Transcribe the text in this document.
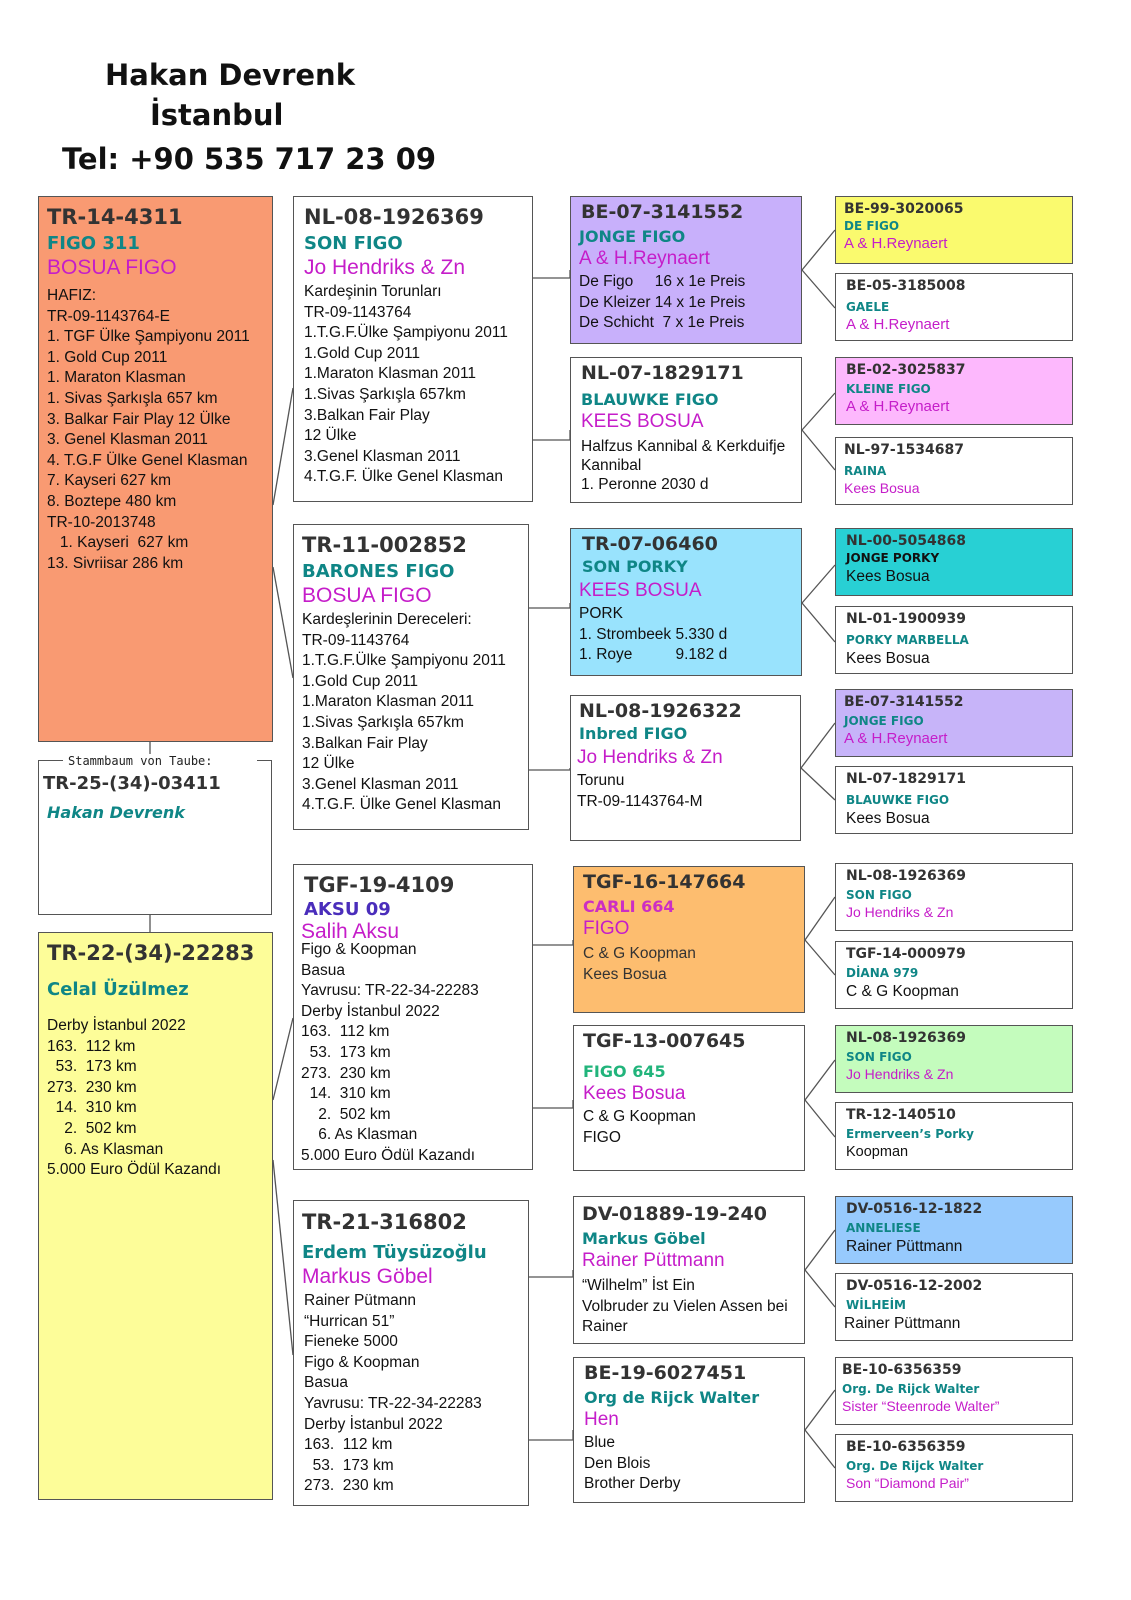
Hakan Devrenk
İstanbul
Tel: +90 535 717 23 09
TR-14-4311
FIGO 311
BOSUA FIGO
HAFIZ:
TR-09-1143764-E
1. TGF Ülke Şampiyonu 2011
1. Gold Cup 2011
1. Maraton Klasman
1. Sivas Şarkışla 657 km
3. Balkar Fair Play 12 Ülke
3. Genel Klasman 2011
4. T.G.F Ülke Genel Klasman
7. Kayseri 627 km
8. Boztepe 480 km
TR-10-2013748
1. Kayseri  627 km
13. Sivriisar 286 km
Stammbaum von Taube:
TR-25-(34)-03411
Hakan Devrenk
TR-22-(34)-22283
Celal Üzülmez
Derby İstanbul 2022
163.  112 km
53.  173 km
273.  230 km
14.  310 km
2.  502 km
6. As Klasman
5.000 Euro Ödül Kazandı
NL-08-1926369
SON FIGO
Jo Hendriks & Zn
Kardeşinin Torunları
TR-09-1143764
1.T.G.F.Ülke Şampiyonu 2011
1.Gold Cup 2011
1.Maraton Klasman 2011
1.Sivas Şarkışla 657km
3.Balkan Fair Play
12 Ülke
3.Genel Klasman 2011
4.T.G.F. Ülke Genel Klasman
TR-11-002852
BARONES FIGO
BOSUA FIGO
Kardeşlerinin Dereceleri:
TR-09-1143764
1.T.G.F.Ülke Şampiyonu 2011
1.Gold Cup 2011
1.Maraton Klasman 2011
1.Sivas Şarkışla 657km
3.Balkan Fair Play
12 Ülke
3.Genel Klasman 2011
4.T.G.F. Ülke Genel Klasman
TGF-19-4109
AKSU 09
Salih Aksu
Figo & Koopman
Basua
Yavrusu: TR-22-34-22283
Derby İstanbul 2022
163.  112 km
53.  173 km
273.  230 km
14.  310 km
2.  502 km
6. As Klasman
5.000 Euro Ödül Kazandı
TR-21-316802
Erdem Tüysüzoğlu
Markus Göbel
Rainer Pütmann
“Hurrican 51”
Fieneke 5000
Figo & Koopman
Basua
Yavrusu: TR-22-34-22283
Derby İstanbul 2022
163.  112 km
53.  173 km
273.  230 km
BE-07-3141552
JONGE FIGO
A & H.Reynaert
De Figo     16 x 1e Preis
De Kleizer 14 x 1e Preis
De Schicht  7 x 1e Preis
NL-07-1829171
BLAUWKE FIGO
KEES BOSUA
Halfzus Kannibal & Kerkduifje
Kannibal
1. Peronne 2030 d
TR-07-06460
SON PORKY
KEES BOSUA
PORK
1. Strombeek 5.330 d
1. Roye          9.182 d
NL-08-1926322
Inbred FIGO
Jo Hendriks & Zn
Torunu
TR-09-1143764-M
TGF-16-147664
CARLI 664
FIGO
C & G Koopman
Kees Bosua
TGF-13-007645
FIGO 645
Kees Bosua
C & G Koopman
FIGO
DV-01889-19-240
Markus Göbel
Rainer Püttmann
“Wilhelm” İst Ein
Volbruder zu Vielen Assen bei
Rainer
BE-19-6027451
Org de Rijck Walter
Hen
Blue
Den Blois
Brother Derby
BE-99-3020065
DE FIGO
A & H.Reynaert
BE-05-3185008
GAELE
A & H.Reynaert
BE-02-3025837
KLEINE FIGO
A & H.Reynaert
NL-97-1534687
RAINA
Kees Bosua
NL-00-5054868
JONGE PORKY
Kees Bosua
NL-01-1900939
PORKY MARBELLA
Kees Bosua
BE-07-3141552
JONGE FIGO
A & H.Reynaert
NL-07-1829171
BLAUWKE FIGO
Kees Bosua
NL-08-1926369
SON FIGO
Jo Hendriks & Zn
TGF-14-000979
DİANA 979
C & G Koopman
NL-08-1926369
SON FIGO
Jo Hendriks & Zn
TR-12-140510
Ermerveen’s Porky
Koopman
DV-0516-12-1822
ANNELIESE
Rainer Püttmann
DV-0516-12-2002
WİLHEİM
Rainer Püttmann
BE-10-6356359
Org. De Rijck Walter
Sister “Steenrode Walter”
BE-10-6356359
Org. De Rijck Walter
Son “Diamond Pair”
